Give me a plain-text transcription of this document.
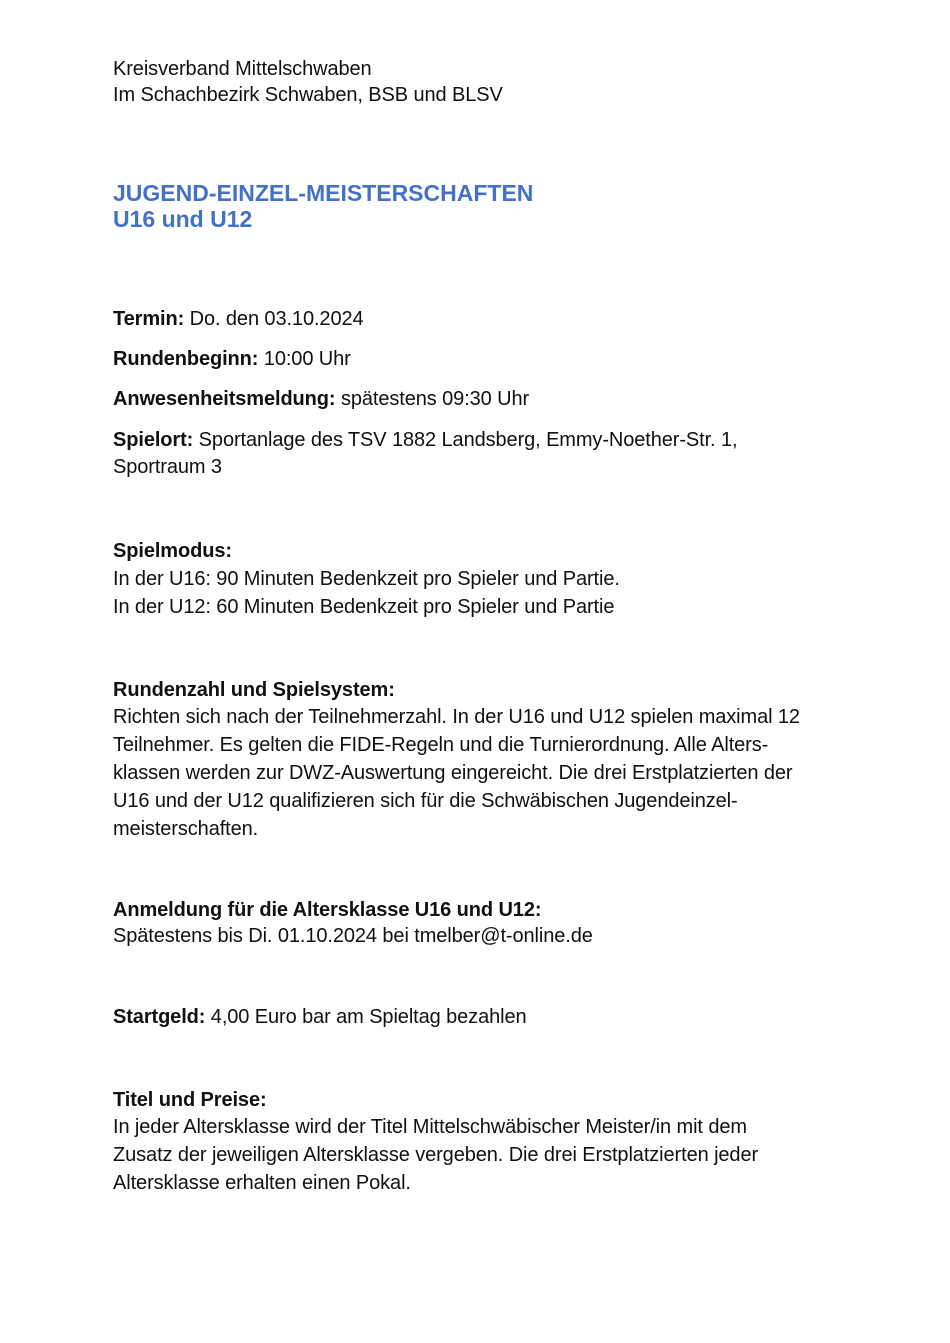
Kreisverband Mittelschwaben
Im Schachbezirk Schwaben, BSB und BLSV
JUGEND-EINZEL-MEISTERSCHAFTEN
U16 und U12
Termin: Do. den 03.10.2024
Rundenbeginn: 10:00 Uhr
Anwesenheitsmeldung: spätestens 09:30 Uhr
Spielort: Sportanlage des TSV 1882 Landsberg, Emmy-Noether-Str. 1,
Sportraum 3
Spielmodus:
In der U16: 90 Minuten Bedenkzeit pro Spieler und Partie.
In der U12: 60 Minuten Bedenkzeit pro Spieler und Partie
Rundenzahl und Spielsystem:
Richten sich nach der Teilnehmerzahl. In der U16 und U12 spielen maximal 12
Teilnehmer. Es gelten die FIDE-Regeln und die Turnierordnung. Alle Alters-
klassen werden zur DWZ-Auswertung eingereicht. Die drei Erstplatzierten der
U16 und der U12 qualifizieren sich für die Schwäbischen Jugendeinzel-
meisterschaften.
Anmeldung für die Altersklasse U16 und U12:
Spätestens bis Di. 01.10.2024 bei tmelber@t-online.de
Startgeld: 4,00 Euro bar am Spieltag bezahlen
Titel und Preise:
In jeder Altersklasse wird der Titel Mittelschwäbischer Meister/in mit dem
Zusatz der jeweiligen Altersklasse vergeben. Die drei Erstplatzierten jeder
Altersklasse erhalten einen Pokal.
